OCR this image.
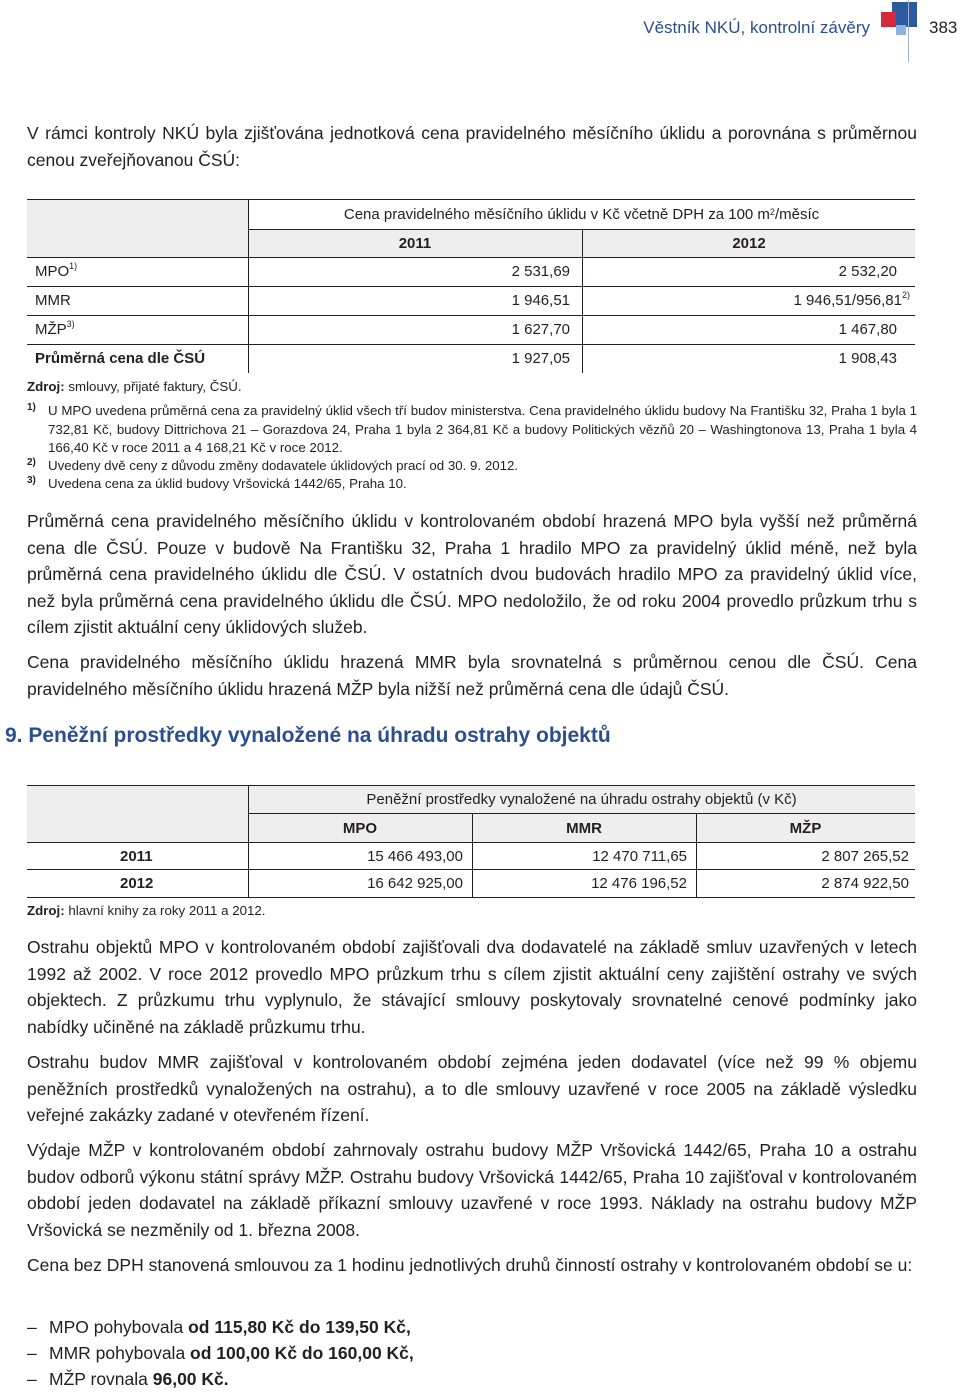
Věstník NKÚ, kontrolní závěry	383

V rámci kontroly NKÚ byla zjišťována jednotková cena pravidelného měsíčního úklidu a porovnána s průměrnou cenou zveřejňovanou ČSÚ:

Cena pravidelného měsíčního úklidu v Kč včetně DPH za 100 $m^2$ /měsíc
2011	2012
MPO$^{1)}$	2 531,69	2 532,20
MMR	1 946,51	1 946,51/956,81$^{2)}$
MŽP$^{3)}$	1 627,70	1 467,80
Průměrná cena dle ČSÚ	1 927,05	1 908,43
Zdroj: smlouvy, přijaté faktury, ČSÚ.
1) U MPO uvedena průměrná cena za pravidelný úklid všech tří budov ministerstva. Cena pravidelného úklidu budovy Na Františku 32, Praha 1 byla 1 732,81 Kč, budovy Dittrichova 21 – Gorazdova 24, Praha 1 byla 2 364,81 Kč a budovy Politických vězňů 20 – Washingtonova 13, Praha 1 byla 4 166,40 Kč v roce 2011 a 4 168,21 Kč v roce 2012.
2) Uvedeny dvě ceny z důvodu změny dodavatele úklidových prací od 30. 9. 2012.
3) Uvedena cena za úklid budovy Vršovická 1442/65, Praha 10.

Průměrná cena pravidelného měsíčního úklidu v kontrolovaném období hrazená MPO byla vyšší než průměrná cena dle ČSÚ. Pouze v budově Na Františku 32, Praha 1 hradilo MPO za pravidelný úklid méně, než byla průměrná cena pravidelného úklidu dle ČSÚ. V ostatních dvou budovách hradilo MPO za pravidelný úklid více, než byla průměrná cena pravidelného úklidu dle ČSÚ. MPO nedoložilo, že od roku 2004 provedlo průzkum trhu s cílem zjistit aktuální ceny úklidových služeb.

Cena pravidelného měsíčního úklidu hrazená MMR byla srovnatelná s průměrnou cenou dle ČSÚ. Cena pravidelného měsíčního úklidu hrazená MŽP byla nižší než průměrná cena dle údajů ČSÚ.

9. Peněžní prostředky vynaložené na úhradu ostrahy objektů
Peněžní prostředky vynaložené na úhradu ostrahy objektů (v Kč)
MPO	MMR	MŽP
2011	15 466 493,00	12 470 711,65	2 807 265,52
2012	16 642 925,00	12 476 196,52	2 874 922,50
Zdroj: hlavní knihy za roky 2011 a 2012.

Ostrahu objektů MPO v kontrolovaném období zajišťovali dva dodavatelé na základě smluv uzavřených v letech 1992 až 2002. V roce 2012 provedlo MPO průzkum trhu s cílem zjistit aktuální ceny zajištění ostrahy ve svých objektech. Z průzkumu trhu vyplynulo, že stávající smlouvy poskytovaly srovnatelné cenové podmínky jako nabídky učiněné na základě průzkumu trhu.

Ostrahu budov MMR zajišťoval v kontrolovaném období zejména jeden dodavatel (více než 99 % objemu peněžních prostředků vynaložených na ostrahu), a to dle smlouvy uzavřené v roce 2005 na základě výsledku veřejné zakázky zadané v otevřeném řízení.

Výdaje MŽP v kontrolovaném období zahrnovaly ostrahu budovy MŽP Vršovická 1442/65, Praha 10 a ostrahu budov odborů výkonu státní správy MŽP. Ostrahu budovy Vršovická 1442/65, Praha 10 zajišťoval v kontrolovaném období jeden dodavatel na základě příkazní smlouvy uzavřené v roce 1993. Náklady na ostrahu budovy MŽP Vršovická se nezměnily od 1. března 2008.

Cena bez DPH stanovená smlouvou za 1 hodinu jednotlivých druhů činností ostrahy v kontrolovaném období se u:

– MPO pohybovala od 115,80 Kč do 139,50 Kč,
– MMR pohybovala od 100,00 Kč do 160,00 Kč,
– MŽP rovnala 96,00 Kč.
